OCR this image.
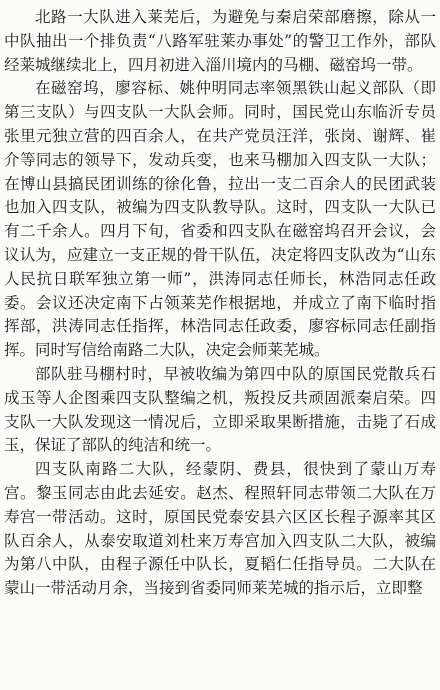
北路一大队进入莱芜后，为避免与秦启荣部磨擦，除从一中队抽出一个排负责“八路军驻莱办事处”的警卫工作外，部队经莱城继续北上，四月初进入淄川境内的马棚、磁窑坞一带。

在磁窑坞，廖容标、姚仲明同志率领黑铁山起义部队（即第三支队）与四支队一大队会师。同时，国民党山东临沂专员张里元独立营的四百余人，在共产党员汪洋，张岗、谢辉、崔介等同志的领导下，发动兵变，也来马棚加入四支队一大队；在博山县搞民团训练的徐化鲁，拉出一支二百余人的民团武装也加入四支队，被编为四支队教导队。这时，四支队一大队已有二千余人。四月下旬，省委和四支队在磁窑坞召开会议，会议认为，应建立一支正规的骨干队伍，决定将四支队改为“山东人民抗日联军独立第一师”，洪涛同志任师长，林浩同志任政委。会议还决定南下占领莱芜作根据地，并成立了南下临时指挥部，洪涛同志任指挥，林浩同志任政委，廖容标同志任副指挥。同时写信给南路二大队，决定会师莱芜城。

部队驻马棚村时，早被收编为第四中队的原国民党散兵石成玉等人企图乘四支队整编之机，叛投反共顽固派秦启荣。四支队一大队发现这一情况后，立即采取果断措施，击毙了石成玉，保证了部队的纯洁和统一。

四支队南路二大队，经蒙阴、费县，很快到了蒙山万寿宫。黎玉同志由此去延安。赵杰、程照轩同志带领二大队在万寿宫一带活动。这时，原国民党泰安县六区区长程子源率其区队百余人，从泰安取道刘杜来万寿宫加入四支队二大队，被编为第八中队，由程子源任中队长，夏韬仁任指导员。二大队在蒙山一带活动月余，当接到省委同师莱芜城的指示后，立即整
